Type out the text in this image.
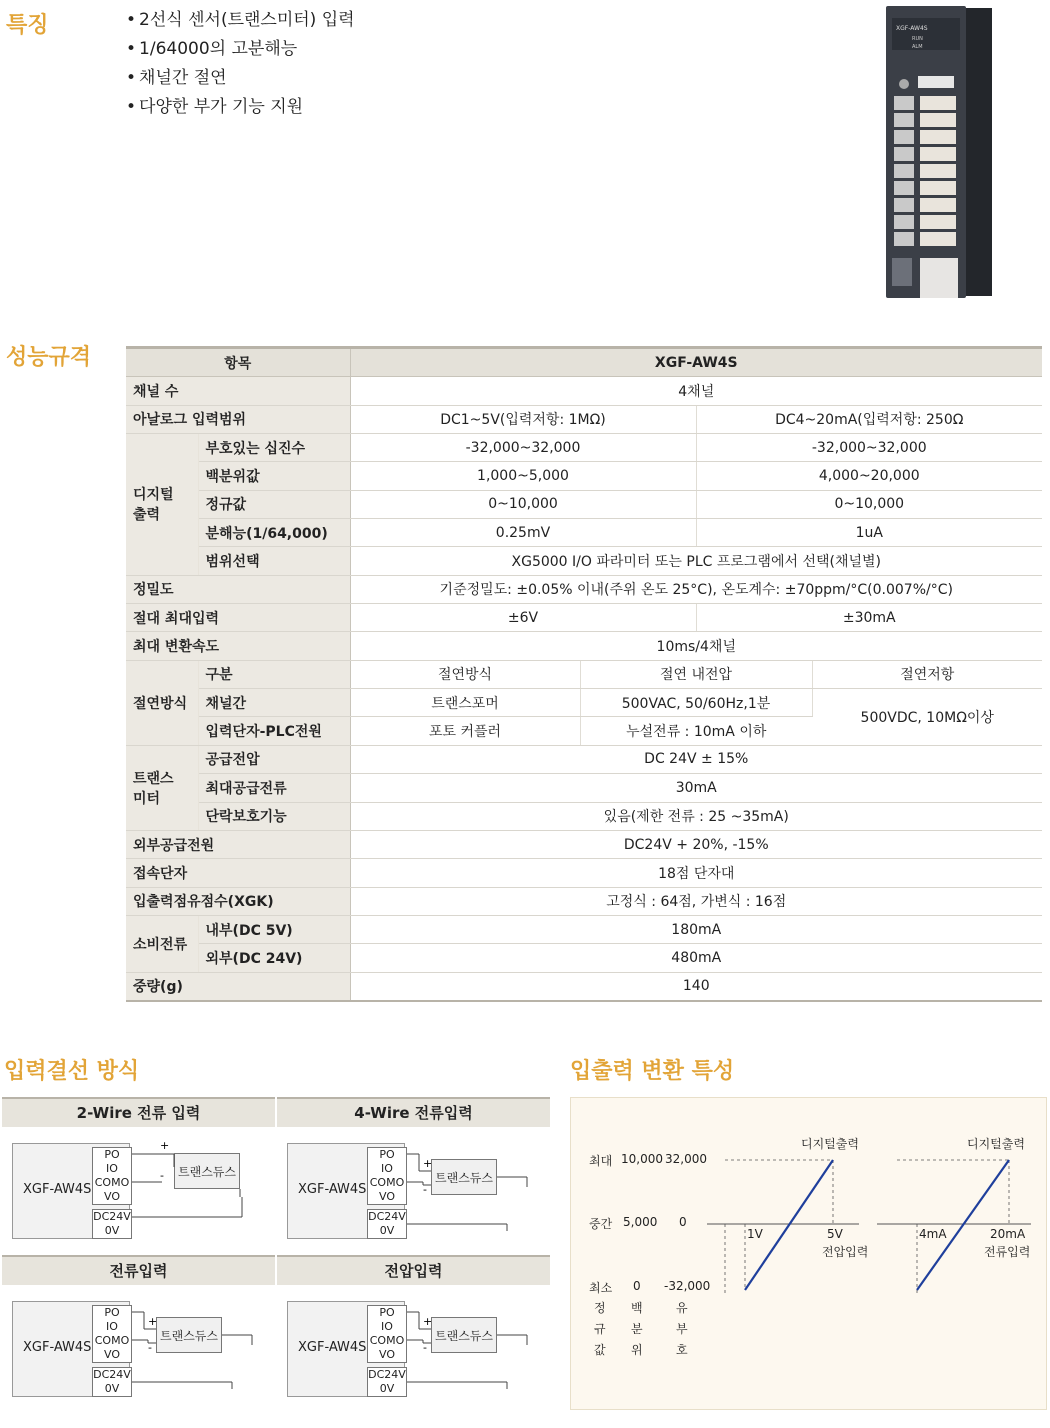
특징	• 2선식 센서(트랜스미터) 입력
• 1/64000의 고분해능
• 채널간 절연
• 다양한 부가 기능 지원
XGF-AW4S
RUN
ALM
성능규격	항목		XGF-AW4S			
채널 수		4채널			
아날로그 입력범위		DC1~5V(입력저항: 1MΩ)		DC4~20mA(입력저항: 250Ω	
디지털
출력	부호있는 십진수	-32,000~32,000		-32,000~32,000	
	백분위값	1,000~5,000		4,000~20,000	
	정규값	0~10,000		0~10,000	
	분해능(1/64,000)	0.25mV		1uA	
	범위선택	XG5000 I/O 파라미터 또는 PLC 프로그램에서 선택(채널별)			
정밀도		기준정밀도: ±0.05% 이내(주위 온도 25°C), 온도계수: ±70ppm/°C(0.007%/°C)			
절대 최대입력		±6V		±30mA	
최대 변환속도		10ms/4채널			
절연방식	구분	절연방식	절연 내전압		절연저항
	채널간	트랜스포머	500VAC, 50/60Hz,1분		500VDC, 10MΩ이상
	입력단자-PLC전원	포토 커플러	누설전류 : 10mA 이하		
트랜스
미터	공급전압	DC 24V ± 15%			
	최대공급전류	30mA			
	단락보호기능	있음(제한 전류 : 25 ~35mA)			
외부공급전원		DC24V + 20%, -15%			
접속단자		18점 단자대			
입출력점유점수(XGK)		고정식 : 64점, 가변식 : 16점			
소비전류	내부(DC 5V)	180mA			
	외부(DC 24V)	480mA			
중량(g)		140			
입력결선 방식
2-Wire 전류 입력
XGF-AW4S
PO
IO
COMO
VO
DC24V
0V
트랜스듀스
+
-
4-Wire 전류입력
XGF-AW4S
PO
IO
COMO
VO
DC24V
0V
트랜스듀스
+
-
전류입력
XGF-AW4S
PO
IO
COMO
VO
DC24V
0V
트랜스듀스
+
-
전압입력
XGF-AW4S
PO
IO
COMO
VO
DC24V
0V
트랜스듀스
+
-
입출력 변환 특성
최대 10,000 32,000
중간 5,000 0
최소 0 -32,000
정
규
값
백
분
위
유
부
호
디지털출력
1V	5V
전압입력
디지털출력
4mA	20mA
전류입력
